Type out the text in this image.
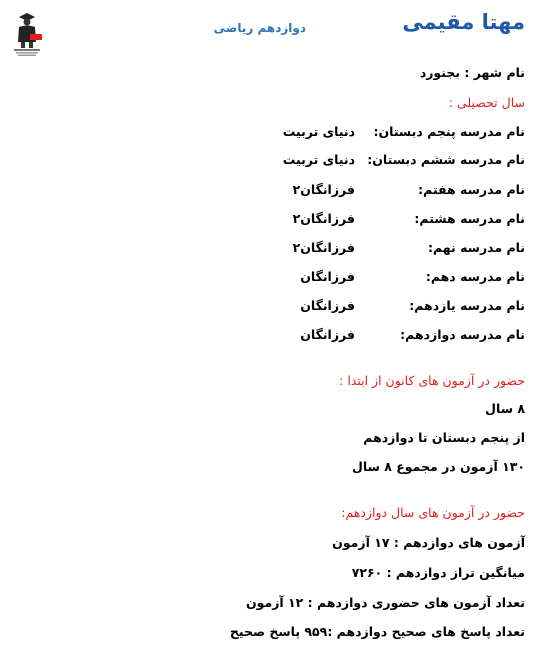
مهتا مقیمی
دوازدهم ریاضی
نام شهر : بجنورد
سال تحصیلی :
نام مدرسه پنجم دبستان:
دنیای تربیت
نام مدرسه ششم دبستان:
دنیای تربیت
نام مدرسه هفتم:
فرزانگان۲
نام مدرسه هشتم:
فرزانگان۲
نام مدرسه نهم:
فرزانگان۲
نام مدرسه دهم:
فرزانگان
نام مدرسه یازدهم:
فرزانگان
نام مدرسه دوازدهم:
فرزانگان
حضور در آزمون های کانون از ابتدا :
۸ سال
از پنجم دبستان تا دوازدهم
۱۳۰ آزمون در مجموع ۸ سال
حضور در آزمون های سال دوازدهم:
آزمون های دوازدهم : ۱۷ آزمون
میانگین تراز دوازدهم : ۷۲۶۰
تعداد آزمون های حضوری دوازدهم : ۱۲ آزمون
تعداد پاسخ های صحیح دوازدهم :۹۵۹ پاسخ صحیح
